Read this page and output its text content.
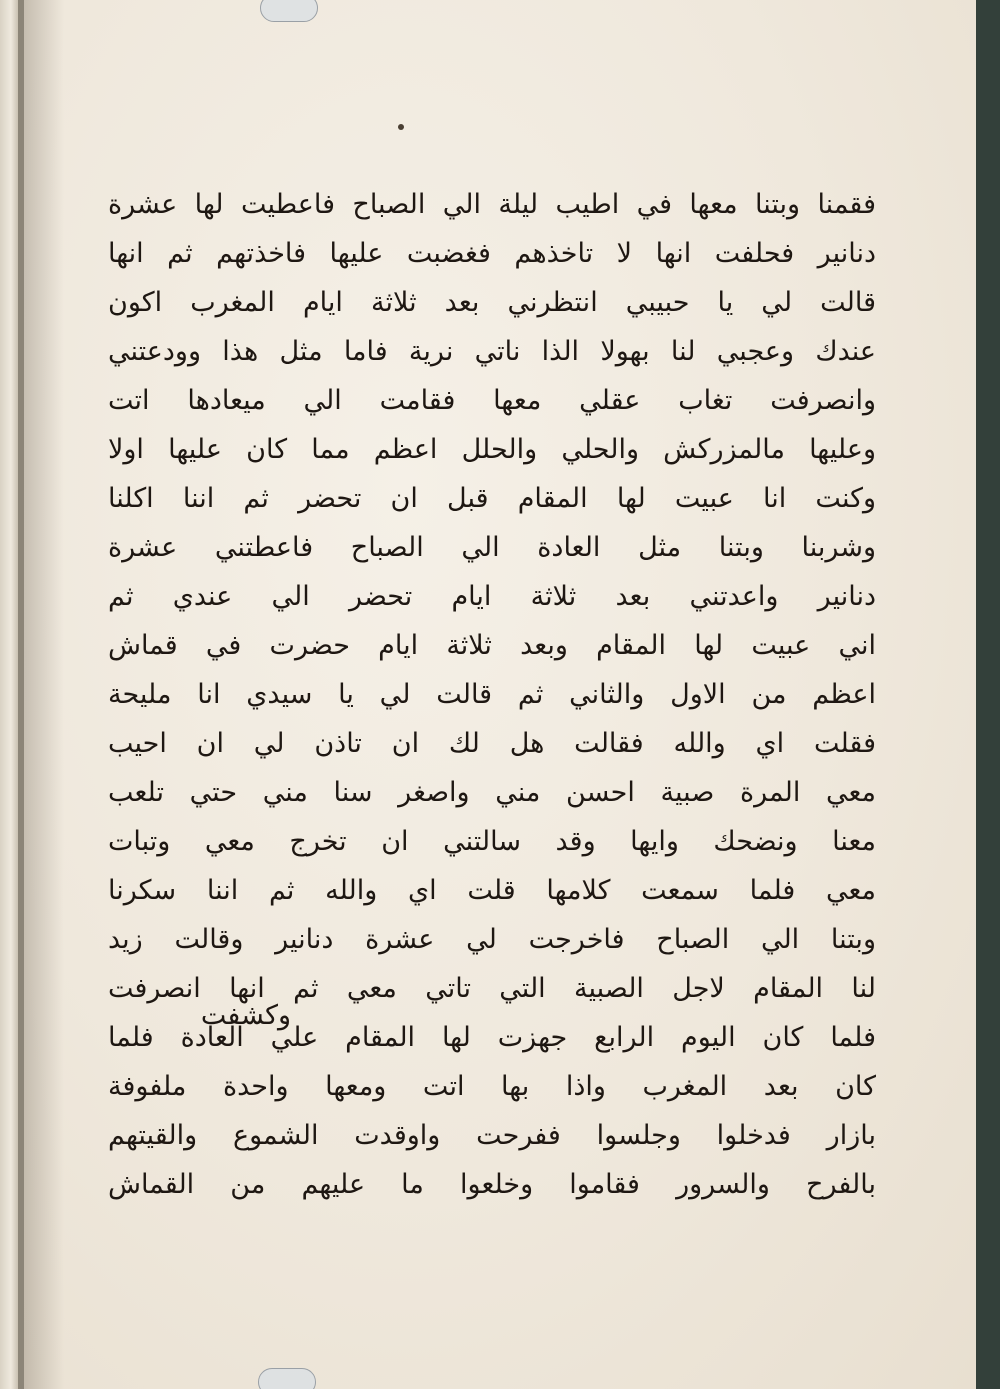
فقمنا وبتنا معها في اطيب ليلة الي الصباح فاعطيت لها عشرة
دنانير فحلفت انها لا تاخذهم فغضبت عليها فاخذتهم ثم انها
قالت لي يا حبيبي انتظرني بعد ثلاثة ايام المغرب اكون
عندك وعجبي لنا بهولا الذا ناتي نرية فاما مثل هذا وودعتني
وانصرفت تغاب عقلي معها فقامت الي ميعادها اتت
وعليها مالمزركش والحلي والحلل اعظم مما كان عليها اولا
وكنت انا عبيت لها المقام قبل ان تحضر ثم اننا اكلنا
وشربنا وبتنا مثل العادة الي الصباح فاعطتني عشرة
دنانير واعدتني بعد ثلاثة ايام تحضر الي عندي ثم
اني عبيت لها المقام وبعد ثلاثة ايام حضرت في قماش
اعظم من الاول والثاني ثم قالت لي يا سيدي انا مليحة
فقلت اي والله فقالت هل لك ان تاذن لي ان احيب
معي المرة صبية احسن مني واصغر سنا مني حتي تلعب
معنا ونضحك وايها وقد سالتني ان تخرج معي وتبات
معي فلما سمعت كلامها قلت اي والله ثم اننا سكرنا
وبتنا الي الصباح فاخرجت لي عشرة دنانير وقالت زيد
لنا المقام لاجل الصبية التي تاتي معي ثم انها انصرفت
فلما كان اليوم الرابع جهزت لها المقام علي العادة فلما
كان بعد المغرب واذا بها اتت ومعها واحدة ملفوفة
بازار فدخلوا وجلسوا ففرحت واوقدت الشموع والقيتهم
بالفرح والسرور فقاموا وخلعوا ما عليهم من القماش
وكشفت
